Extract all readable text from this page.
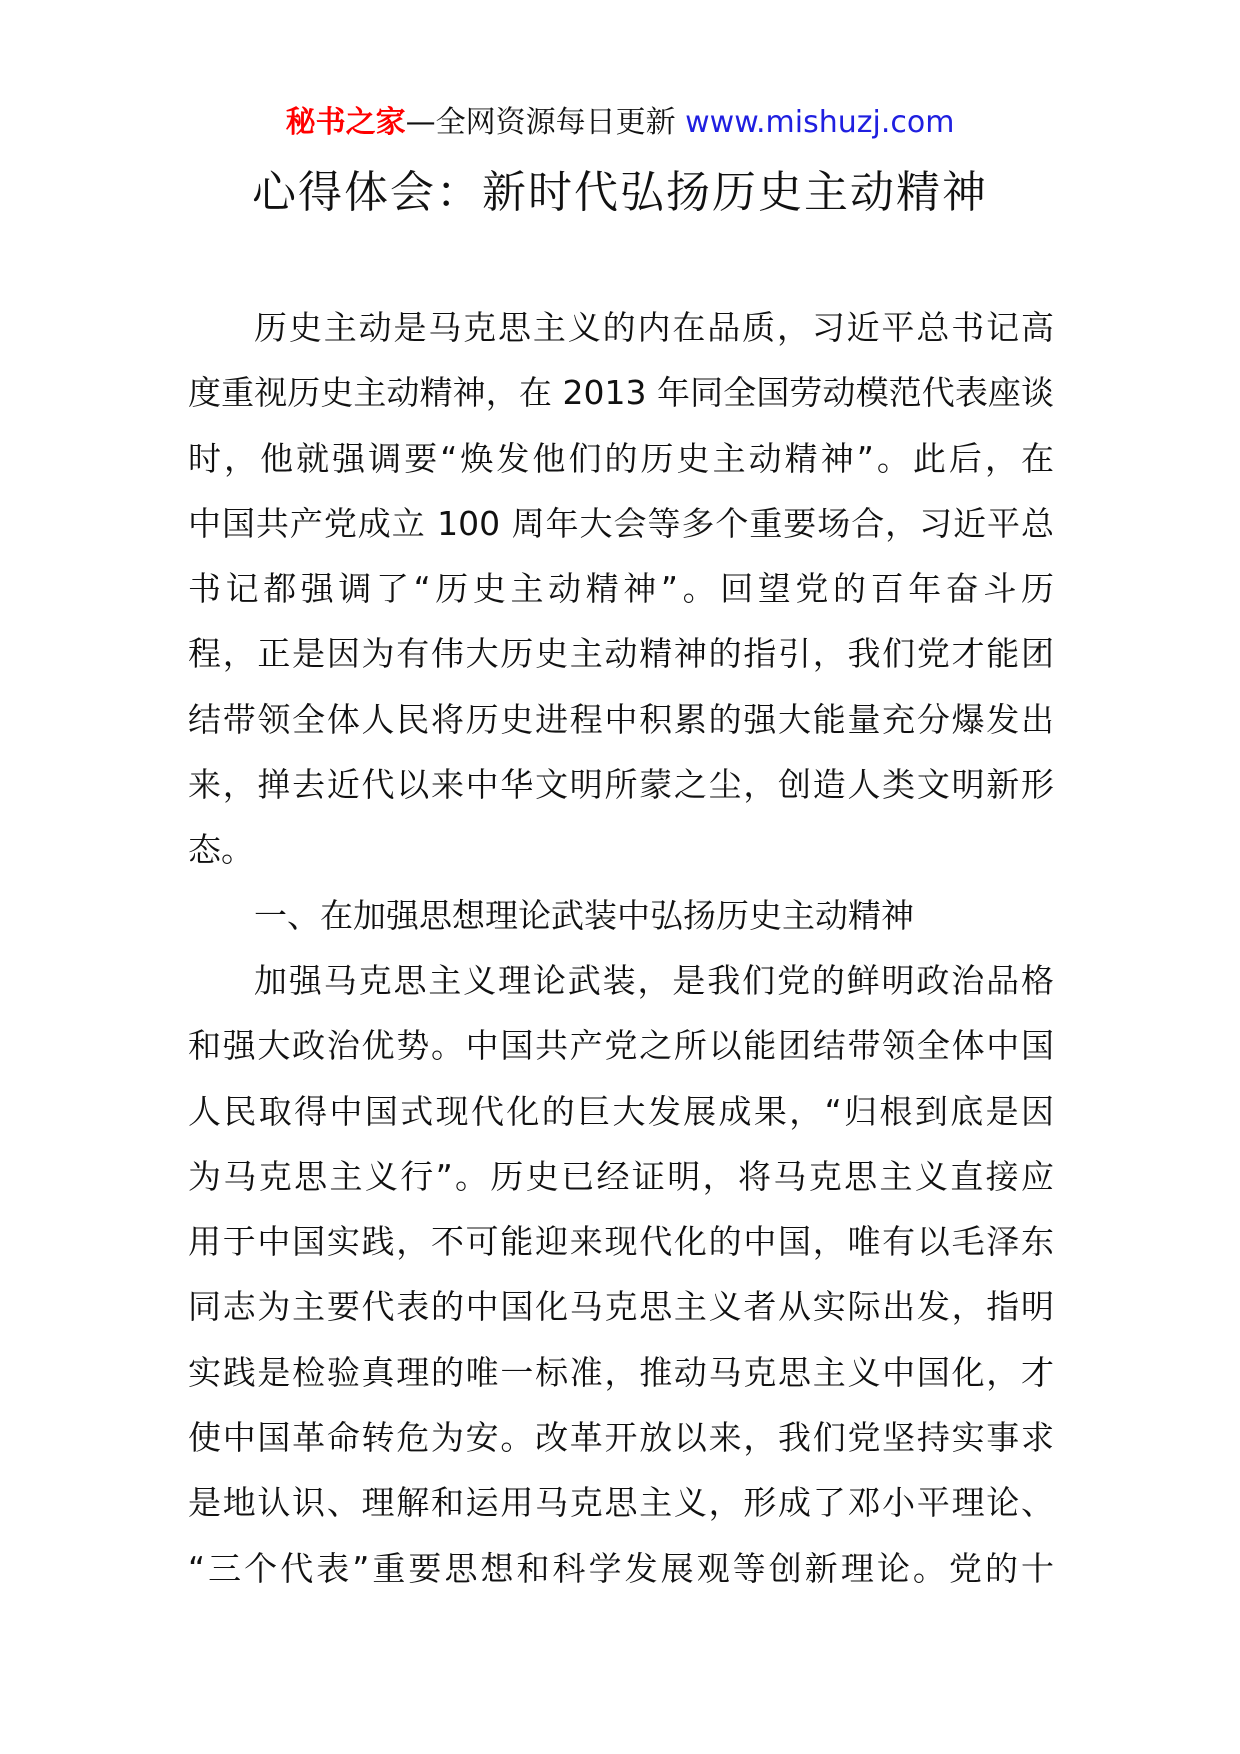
秘书之家—全网资源每日更新 www.mishuzj.com
心得体会：新时代弘扬历史主动精神
历史主动是马克思主义的内在品质，习近平总书记高
度重视历史主动精神，在 2013 年同全国劳动模范代表座谈
时，他就强调要“焕发他们的历史主动精神”。此后，在
中国共产党成立 100 周年大会等多个重要场合，习近平总
书记都强调了“历史主动精神”。回望党的百年奋斗历
程，正是因为有伟大历史主动精神的指引，我们党才能团
结带领全体人民将历史进程中积累的强大能量充分爆发出
来，掸去近代以来中华文明所蒙之尘，创造人类文明新形
态。
一、在加强思想理论武装中弘扬历史主动精神
加强马克思主义理论武装，是我们党的鲜明政治品格
和强大政治优势。中国共产党之所以能团结带领全体中国
人民取得中国式现代化的巨大发展成果，“归根到底是因
为马克思主义行”。历史已经证明，将马克思主义直接应
用于中国实践，不可能迎来现代化的中国，唯有以毛泽东
同志为主要代表的中国化马克思主义者从实际出发，指明
实践是检验真理的唯一标准，推动马克思主义中国化，才
使中国革命转危为安。改革开放以来，我们党坚持实事求
是地认识、理解和运用马克思主义，形成了邓小平理论、
“三个代表”重要思想和科学发展观等创新理论。党的十
